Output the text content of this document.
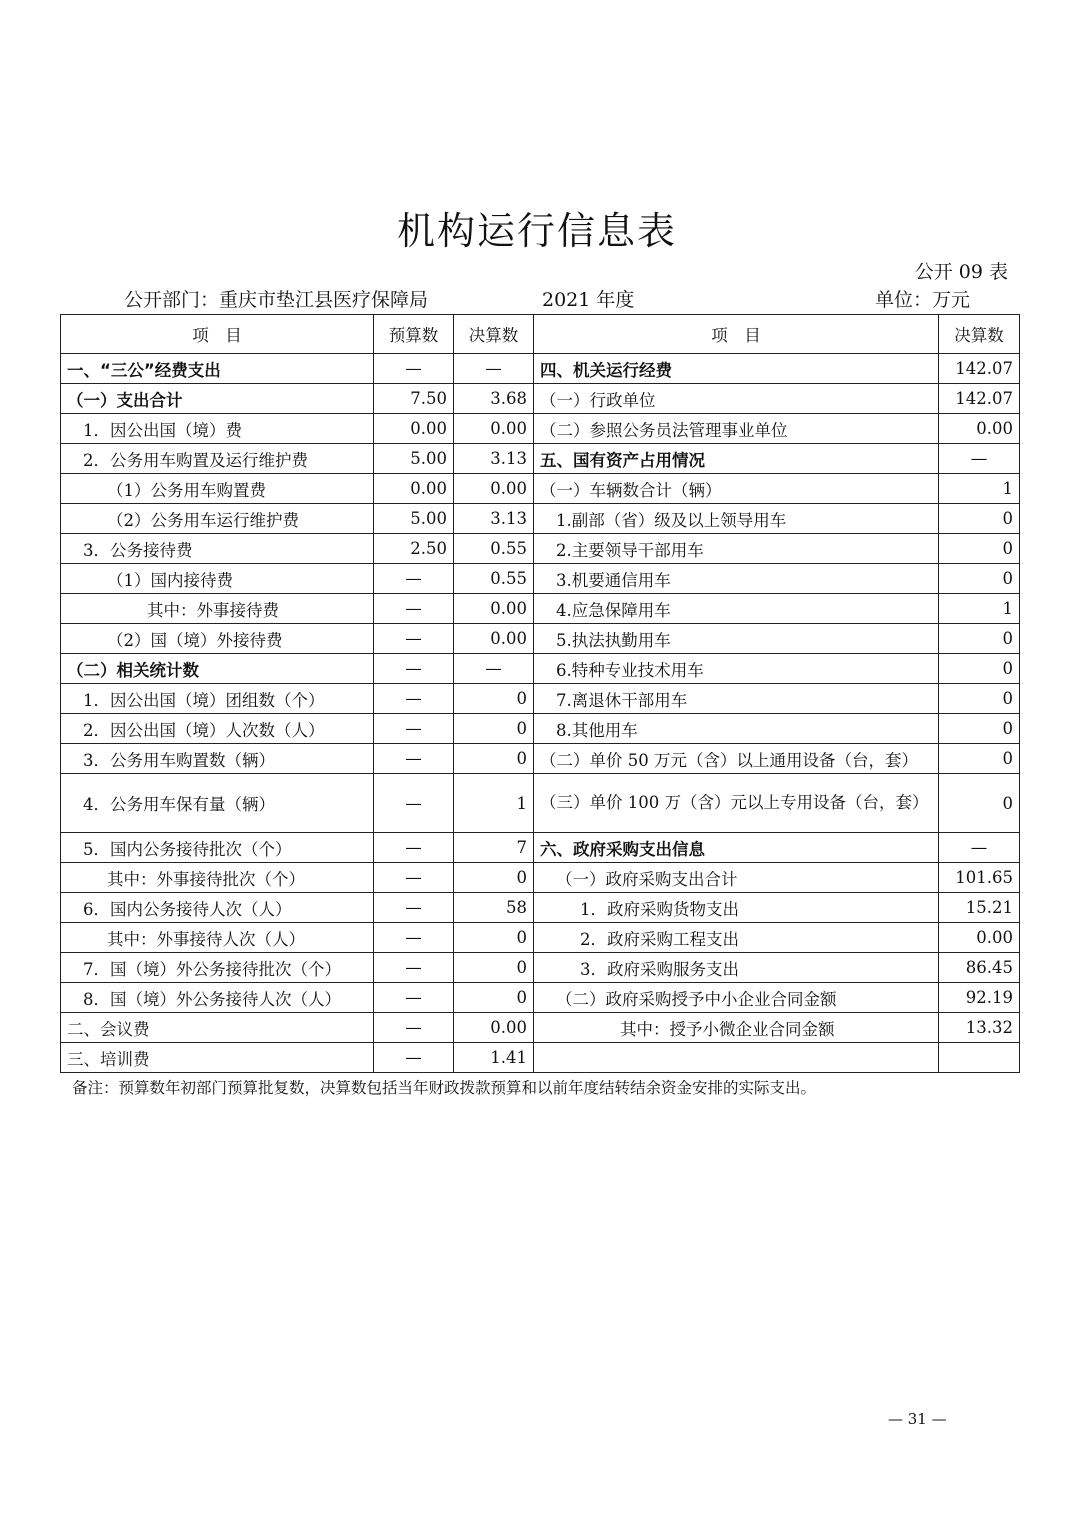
机构运行信息表
公开 09 表
公开部门：重庆市垫江县医疗保障局	2021 年度	单位：万元
项　目	预算数	决算数	项　目	决算数
一、“三公”经费支出	—	—	四、机关运行经费	142.07
（一）支出合计	7.50	3.68	（一）行政单位	142.07
1．因公出国（境）费	0.00	0.00	（二）参照公务员法管理事业单位	0.00
2．公务用车购置及运行维护费	5.00	3.13	五、国有资产占用情况	—
（1）公务用车购置费	0.00	0.00	（一）车辆数合计（辆）	1
（2）公务用车运行维护费	5.00	3.13	1.副部（省）级及以上领导用车	0
3．公务接待费	2.50	0.55	2.主要领导干部用车	0
（1）国内接待费	—	0.55	3.机要通信用车	0
其中：外事接待费	—	0.00	4.应急保障用车	1
（2）国（境）外接待费	—	0.00	5.执法执勤用车	0
（二）相关统计数	—	—	6.特种专业技术用车	0
1．因公出国（境）团组数（个）	—	0	7.离退休干部用车	0
2．因公出国（境）人次数（人）	—	0	8.其他用车	0
3．公务用车购置数（辆）	—	0	（二）单价 50 万元（含）以上通用设备（台，套）	0
4．公务用车保有量（辆）	—	1	（三）单价 100 万（含）元以上专用设备（台，套）	0
5．国内公务接待批次（个）	—	7	六、政府采购支出信息	—
其中：外事接待批次（个）	—	0	（一）政府采购支出合计	101.65
6．国内公务接待人次（人）	—	58	1．政府采购货物支出	15.21
其中：外事接待人次（人）	—	0	2．政府采购工程支出	0.00
7．国（境）外公务接待批次（个）	—	0	3．政府采购服务支出	86.45
8．国（境）外公务接待人次（人）	—	0	（二）政府采购授予中小企业合同金额	92.19
二、会议费	—	0.00	其中：授予小微企业合同金额	13.32
三、培训费	—	1.41		
备注：预算数年初部门预算批复数，决算数包括当年财政拨款预算和以前年度结转结余资金安排的实际支出。
— 31 —
